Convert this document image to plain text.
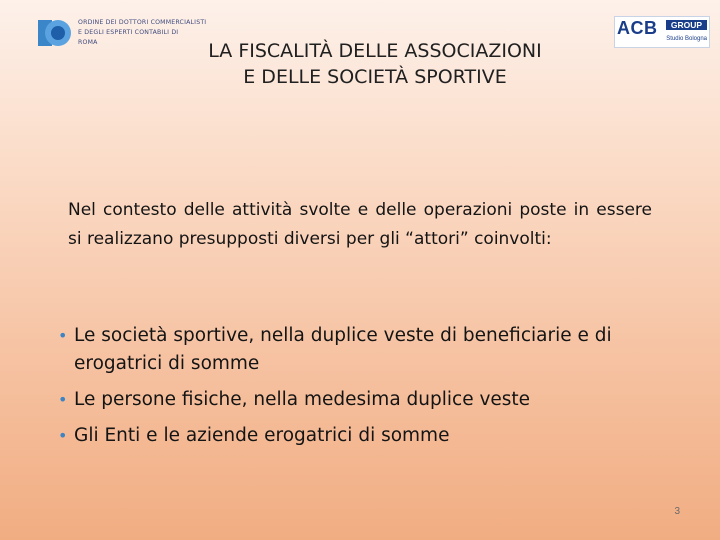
ORDINE DEI DOTTORI COMMERCIALISTI
E DEGLI ESPERTI CONTABILI DI
ROMA
ACB	GROUP
Studio Bologna
LA FISCALITÀ DELLE ASSOCIAZIONI
E DELLE SOCIETÀ SPORTIVE
Nel contesto delle attività svolte e delle operazioni poste in essere si realizzano presupposti diversi per gli “attori” coinvolti:
• Le società sportive, nella duplice veste di beneficiarie e di erogatrici di somme
• Le persone fisiche, nella medesima duplice veste
• Gli Enti e le aziende erogatrici di somme
3
